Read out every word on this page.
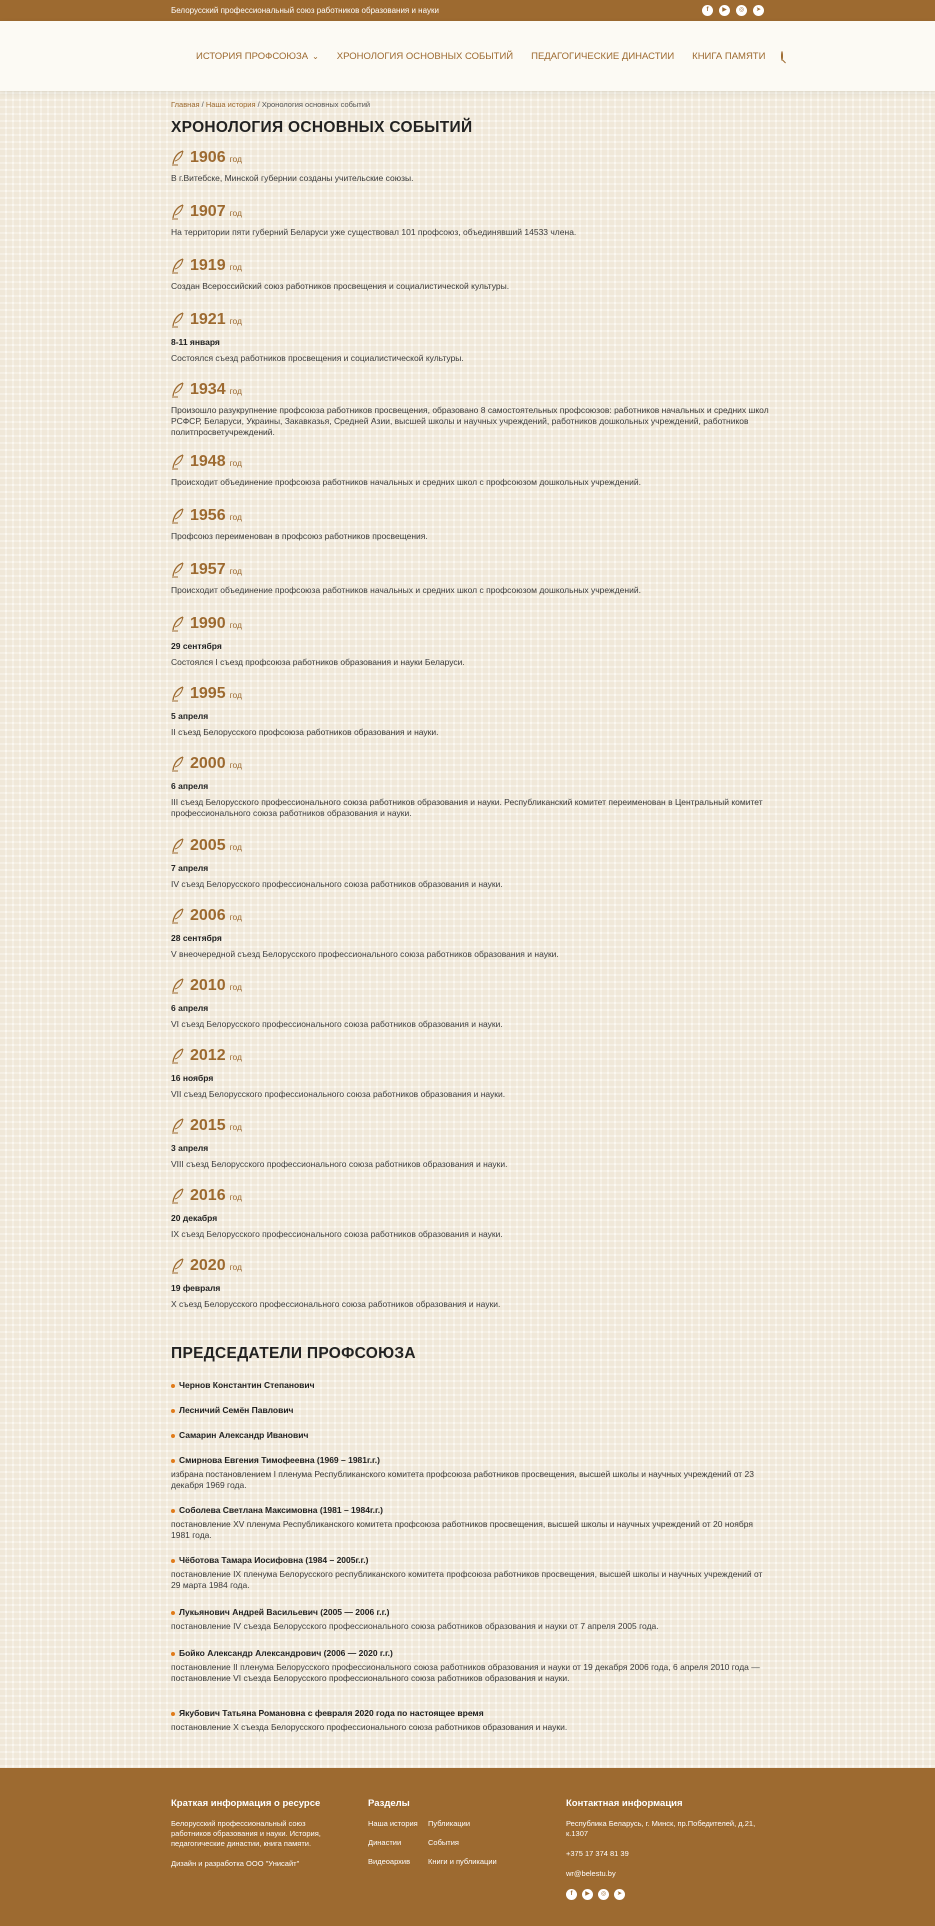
Белорусский профессиональный союз работников образования и науки	f	▶	◎	➤
ИСТОРИЯ ПРОФСОЮЗА ⌄ ХРОНОЛОГИЯ ОСНОВНЫХ СОБЫТИЙ ПЕДАГОГИЧЕСКИЕ ДИНАСТИИ КНИГА ПАМЯТИ
Главная / Наша история / Хронология основных событий
ХРОНОЛОГИЯ ОСНОВНЫХ СОБЫТИЙ
1906 год
В г.Витебске, Минской губернии созданы учительские союзы.
1907 год
На территории пяти губерний Беларуси уже существовал 101 профсоюз, объединявший 14533 члена.
1919 год
Создан Всероссийский союз работников просвещения и социалистической культуры.
1921 год
8-11 января
Состоялся съезд работников просвещения и социалистической культуры.
1934 год
Произошло разукрупнение профсоюза работников просвещения, образовано 8 самостоятельных профсоюзов: работников начальных и средних школ РСФСР, Беларуси, Украины, Закавказья, Средней Азии, высшей школы и научных учреждений, работников дошкольных учреждений, работников политпросветучреждений.
1948 год
Происходит объединение профсоюза работников начальных и средних школ с профсоюзом дошкольных учреждений.
1956 год
Профсоюз переименован в профсоюз работников просвещения.
1957 год
Происходит объединение профсоюза работников начальных и средних школ с профсоюзом дошкольных учреждений.
1990 год
29 сентября
Состоялся I съезд профсоюза работников образования и науки Беларуси.
1995 год
5 апреля
II съезд Белорусского профсоюза работников образования и науки.
2000 год
6 апреля
III съезд Белорусского профессионального союза работников образования и науки. Республиканский комитет переименован в Центральный комитет профессионального союза работников образования и науки.
2005 год
7 апреля
IV съезд Белорусского профессионального союза работников образования и науки.
2006 год
28 сентября
V внеочередной съезд Белорусского профессионального союза работников образования и науки.
2010 год
6 апреля
VI съезд Белорусского профессионального союза работников образования и науки.
2012 год
16 ноября
VII съезд Белорусского профессионального союза работников образования и науки.
2015 год
3 апреля
VIII съезд Белорусского профессионального союза работников образования и науки.
2016 год
20 декабря
IX съезд Белорусского профессионального союза работников образования и науки.
2020 год
19 февраля
X съезд Белорусского профессионального союза работников образования и науки.
ПРЕДСЕДАТЕЛИ ПРОФСОЮЗА
Чернов Константин Степанович
Лесничий Семён Павлович
Самарин Александр Иванович
Смирнова Евгения Тимофеевна (1969 – 1981г.г.)
избрана постановлением I пленума Республиканского комитета профсоюза работников просвещения, высшей школы и научных учреждений от 23 декабря 1969 года.
Соболева Светлана Максимовна (1981 – 1984г.г.)
постановление XV пленума Республиканского комитета профсоюза работников просвещения, высшей школы и научных учреждений от 20 ноября 1981 года.
Чёботова Тамара Иосифовна (1984 – 2005г.г.)
постановление IX пленума Белорусского республиканского комитета профсоюза работников просвещения, высшей школы и научных учреждений от 29 марта 1984 года.
Лукьянович Андрей Васильевич (2005 — 2006 г.г.)
постановление IV съезда Белорусского профессионального союза работников образования и науки от 7 апреля 2005 года.
Бойко Александр Александрович (2006 — 2020 г.г.)
постановление II пленума Белорусского профессионального союза работников образования и науки от 19 декабря 2006 года, 6 апреля 2010 года — постановление VI съезда Белорусского профессионального союза работников образования и науки.
Якубович Татьяна Романовна с февраля 2020 года по настоящее время
постановление X съезда Белорусского профессионального союза работников образования и науки.
Краткая информация о ресурсе
Белорусский профессиональный союз работников образования и науки. История, педагогические династии, книга памяти.
Дизайн и разработка ООО "Унисайт"
Разделы
Наша история	Публикации
Династии	События
Видеоархив	Книги и публикации
Контактная информация
Республика Беларусь, г. Минск, пр.Победителей, д.21, к.1307
+375 17 374 81 39
wr@belestu.by
f	▶	◎	➤
